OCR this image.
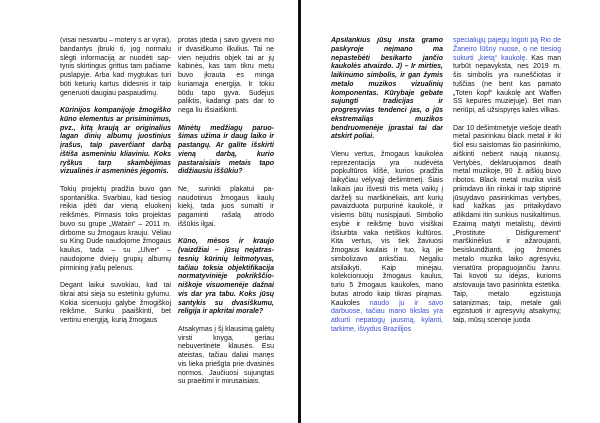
(visai nesvarbu – motery s ar vyrai), bandantys įbruki ti, jog normalu slėgti informaciją ar nuodėti sap tynis skirtingus grittus tam pačiame puslapyje. Arba kad mygtukas turi būti keturių kartus didesnis ir taip generuoti daugiau paspaudimų.

Kūrinijos kompanijoje žmogiško kūno elementus ar prisiminimus, pvz., kitą kraują ar originalius lagan dinių albumų juostinius įrašus, taip paverčiant darbą ištiša asmeniniu kliaviniu. Koks ryškus tarp skambėjimas vizualinės ir asmeninės jėgomis.

Tokių projektų pradžia buvo gan spontaniška. Svarbiau, kad tiesiog reikia įdėti dar vieną eluokenį reikšmės. Pirmasis toks projektas buvo su grupe „Watain“ – 2011 m. dirbome su žmogaus krauju. Vėliau su King Dude naudojome žmogaus kaulus, tada – su „Ulver“ – naudojome dviejų grupių albumų pirmining įrašų pelenus.

Degant laikui suvokiau, kad tai tikrai atsi sieja su estetiniu gylumu. Kokia sicenuoju galybe žmogiškoj reikšme. Sunku paaiškinti, bet vertinu energiją, kurią žmogaus

protas įdeda į savo gyveni mo ir dvasiškumo ilkulius. Tai ne vien nejudris objek tai ar jų kabinės, kas tam tikru metu buvo įkrauta es minga kuriamąja energija. Ir tokiu būdu tapo gyva. Sudėjus paliktis, kadangi pats dar to nega liu išsiaiškinti.

Minėtų medžiagų paruo šimas užima ir daug laiko ir pastangų. Ar galite išskirti vieną darbą, kurio pastaraisiais metais tapo didžiausiu iššūkiu?

Ne, surinkti plakatui pa naudotinus žmogaus kaulų kiekį, tada juos sumalti ir pagaminti rašalą atrodo iššūkis ilgai.

Kūno, mėsos ir kraujo (vaizdžiai – jūsų nejatras tesnių kūrinių leitmotyvas, tačiau toksia objektifikacija normatyviniėje pokrikščio niškoje visuomenėje dažnai vis dar yra tabu. Koks jūsų santykis su dvasiškumu, religija ir apkritai morale?

Atsakymas į šį klausimą galėtų virsti knyga, geriau nebuvertinėte klausės. Esu ateistas, tačiau daliai manęs vis lieka priešgta prie dvasinės normos. Jaučiuosi sujungtas su praeitimi ir mirusaisiais.

Apsilankius jūsų insta gramo paskyroje neįmano ma nepastebėti besikarto jančio kaukolės atvaizdo. J) – Ir mirties, laikinumo simbolis, ir gan žymis metalo muzikos vizualinių komponentas. Kūrybaje gebate sujungti tradicijas ir progresyvias tendenci jas, o jūs ekstremaliąs muzikos bendruomenėje įprastai tai dar atskirt poliai.

Vienu vertus, žmogaus kaukolėa reprezentacija yra nudėvėta popkultūros klišė, kurios pradžia laikyčiau vėlyvąjį dešimtmetį. Šiais laikais jau išvesti tris meta vaikų į darželį su marškinėliais, ant kurių pavaizduota purpurinė kaukolė, ir visiems būtų nusispjauti. Simbolio esybė ir reikšmę buvo visiškai išsiurbta vaka rietiškos kultūros. Kita vertus, vis tiek žaviuosi žmogaus kaulais ir tuo, ką jie simbolizavo anksčiau. Negaliu atsilaikyti. Kaip minėjau, kolekcionuoju žmogaus kaulus, turiu 5 žmogaus kaukoles, mano butas atrodo kaip tikras pirąmas. Kaukoles naudo ju ir savo darbuose, tačiau mano tikslas yra atkurti nepatogų jausmą, kylanti, tarkime, išvydus Brazilijos

specialiųjų pajėgų logoti pą Rio de Žaneiro lūšny nuose, o ne tiesiog sukurti „kietą“ kaukolę. Kas man turbūt nepavyksta, nes 2019 m. šis simbolis yra nuneščiotas ir tuščias (ne bent kas pamato „Toten kopf“ kaukolę ant Waffen SS kepurės muziejuje). Bet man neriūpi, aš užsispyręs kalės vilkas.

Dar 10 dešimtmetyje viešoje death metal pasirinkau black metal ir iki šiol esu saistomas šio pasirinkimo, aiškinti nebent naują niuansų. Vertybės, deklaruojamos death metal muzikoje, 90 ž. aiškių buvo ribotos. Black metal muzika visiš priimdavo ilin riinkai ir taip stiprinė jūsųydavo pasirinkimas vertybes, kad kažkas jas pritaikydavo atlikdami itin sunkius nusikaltimus. Ezaimą matyti metalistų, dėvinti „Prostitute Disfigurement“ marškinėlius ir ažaroujanti, besiskundžianti, jog žmonės metalo muzika laiko agresyviu, vienatūra propaguojančiu žanru. Tai kovoti su idėjas, kurioms atstovauja tavo pasirinkta estetika. Taip, metalo egzistuoja satanizmas; taip, metale gali egzistuoti ir agresyvių atsakymų; taip, mūsų scenoje juoda
